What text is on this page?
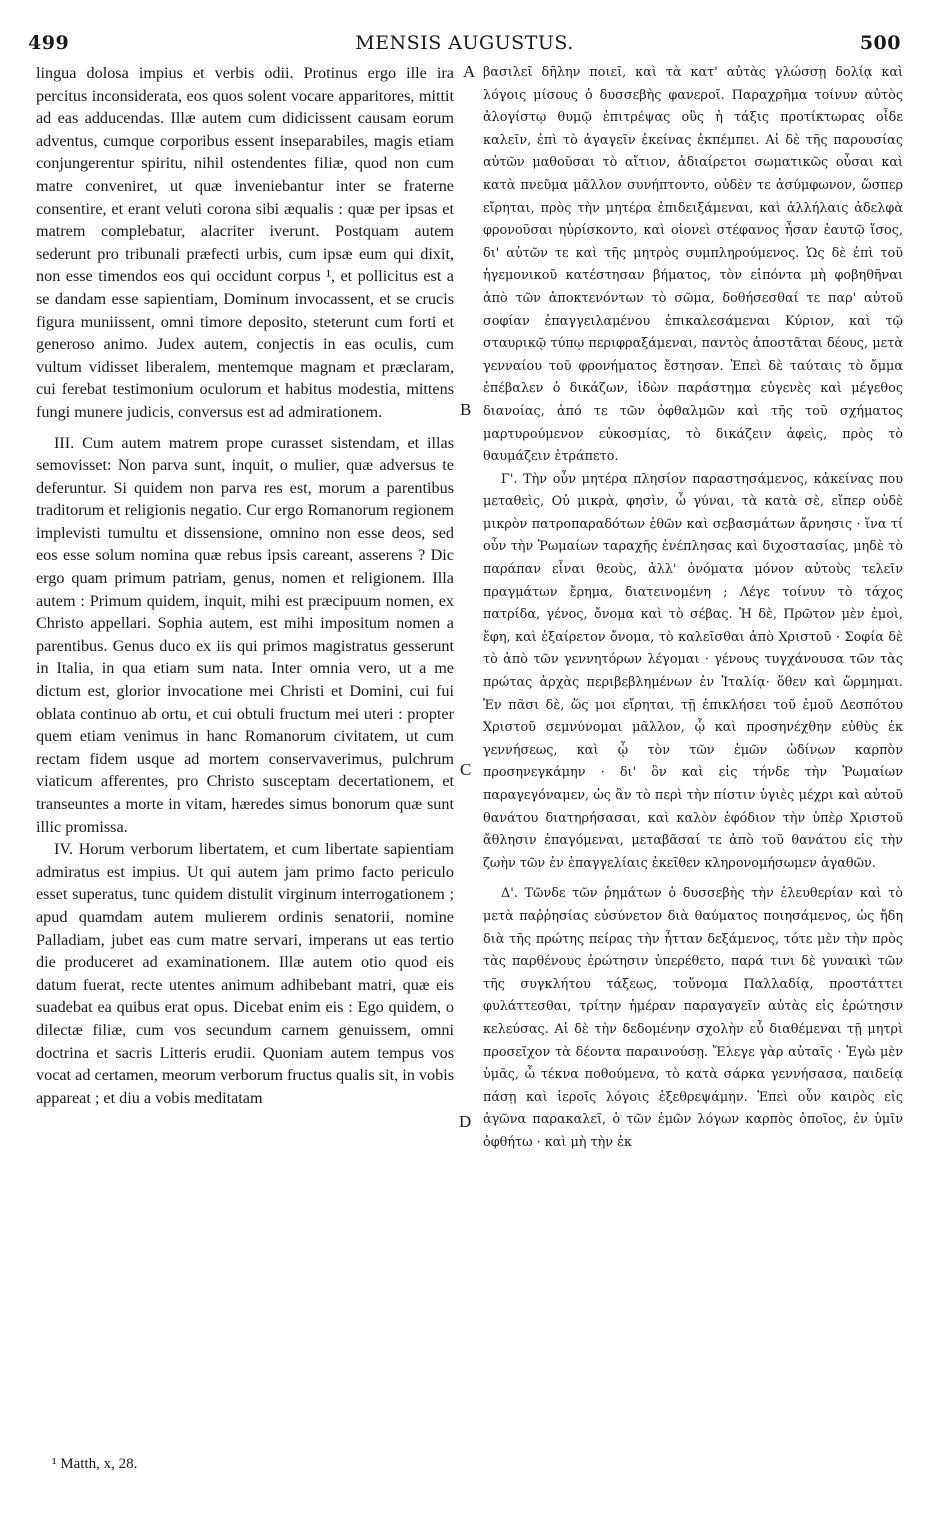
499	MENSIS AUGUSTUS.	500

lingua dolosa impius et verbis odii. Protinus ergo ille ira percitus inconsiderata, eos quos solent vocare apparitores, mittit ad eas adducendas. Illæ autem cum didicissent causam eorum adventus, cumque corporibus essent inseparabiles, magis etiam conjungerentur spiritu, nihil ostendentes filiæ, quod non cum matre conveniret, ut quæ inveniebantur inter se fraterne consentire, et erant veluti corona sibi æqualis : quæ per ipsas et matrem complebatur, alacriter iverunt. Postquam autem sederunt pro tribunali præfecti urbis, cum ipsæ eum qui dixit, non esse timendos eos qui occidunt corpus ¹, et pollicitus est a se dandam esse sapientiam, Dominum invocassent, et se crucis figura muniissent, omni timore deposito, steterunt cum forti et generoso animo. Judex autem, conjectis in eas oculis, cum vultum vidisset liberalem, mentemque magnam et præclaram, cui ferebat testimonium oculorum et habitus modestia, mittens fungi munere judicis, conversus est ad admirationem.

III. Cum autem matrem prope curasset sistendam, et illas semovisset: Non parva sunt, inquit, o mulier, quæ adversus te deferuntur. Si quidem non parva res est, morum a parentibus traditorum et religionis negatio. Cur ergo Romanorum regionem implevisti tumultu et dissensione, omnino non esse deos, sed eos esse solum nomina quæ rebus ipsis careant, asserens ? Dic ergo quam primum patriam, genus, nomen et religionem. Illa autem : Primum quidem, inquit, mihi est præcipuum nomen, ex Christo appellari. Sophia autem, est mihi impositum nomen a parentibus. Genus duco ex iis qui primos magistratus gesserunt in Italia, in qua etiam sum nata. Inter omnia vero, ut a me dictum est, glorior invocatione mei Christi et Domini, cui fui oblata continuo ab ortu, et cui obtuli fructum mei uteri : propter quem etiam venimus in hanc Romanorum civitatem, ut cum rectam fidem usque ad mortem conservaverimus, pulchrum viaticum afferentes, pro Christo susceptam decertationem, et transeuntes a morte in vitam, hæredes simus bonorum quæ sunt illic promissa.

IV. Horum verborum libertatem, et cum libertate sapientiam admiratus est impius. Ut qui autem jam primo facto periculo esset superatus, tunc quidem distulit virginum interrogationem ; apud quamdam autem mulierem ordinis senatorii, nomine Palladiam, jubet eas cum matre servari, imperans ut eas tertio die produceret ad examinationem. Illæ autem otio quod eis datum fuerat, recte utentes animum adhibebant matri, quæ eis suadebat ea quibus erat opus. Dicebat enim eis : Ego quidem, o dilectæ filiæ, cum vos secundum carnem genuissem, omni doctrina et sacris Litteris erudii. Quoniam autem tempus vos vocat ad certamen, meorum verborum fructus qualis sit, in vobis appareat ; et diu a vobis meditatam

A
B
C
D

βασιλεῖ δῆλην ποιεῖ, καὶ τὰ κατ' αὐτὰς γλώσσῃ δολίᾳ καὶ λόγοις μίσους ὁ δυσσεβὴς φανεροῖ. Παραχρῆμα τοίνυν αὐτὸς ἀλογίστῳ θυμῷ ἐπιτρέψας οὓς ἡ τάξις προτίκτωρας οἶδε καλεῖν, ἐπὶ τὸ ἀγαγεῖν ἐκείνας ἐκπέμπει. Αἱ δὲ τῆς παρουσίας αὐτῶν μαθοῦσαι τὸ αἴτιον, ἀδιαίρετοι σωματικῶς οὖσαι καὶ κατὰ πνεῦμα μᾶλλον συνήπτοντο, οὐδὲν τε ἀσύμφωνον, ὥσπερ εἴρηται, πρὸς τὴν μητέρα ἐπιδειξάμεναι, καὶ ἀλλήλαις ἀδελφὰ φρονοῦσαι ηὑρίσκοντο, καὶ οἱονεὶ στέφανος ἦσαν ἑαυτῷ ἴσος, δι' αὐτῶν τε καὶ τῆς μητρὸς συμπληρούμενος. Ὡς δὲ ἐπὶ τοῦ ἡγεμονικοῦ κατέστησαν βήματος, τὸν εἰπόντα μὴ φοβηθῆναι ἀπὸ τῶν ἀποκτενόντων τὸ σῶμα, δοθήσεσθαί τε παρ' αὐτοῦ σοφίαν ἐπαγγειλαμένου ἐπικαλεσάμεναι Κύριον, καὶ τῷ σταυρικῷ τύπῳ περιφραξάμεναι, παντὸς ἀποστᾶται δέους, μετὰ γενναίου τοῦ φρονήματος ἔστησαν. Ἐπεὶ δὲ ταύταις τὸ ὄμμα ἐπέβαλεν ὁ δικάζων, ἰδὼν παράστημα εὐγενὲς καὶ μέγεθος διανοίας, ἀπό τε τῶν ὀφθαλμῶν καὶ τῆς τοῦ σχήματος μαρτυρούμενον εὐκοσμίας, τὸ δικάζειν ἀφεὶς, πρὸς τὸ θαυμάζειν ἐτράπετο.

Γ'. Τὴν οὖν μητέρα πλησίον παραστησάμενος, κἀκείνας που μεταθεὶς, Οὐ μικρὰ, φησὶν, ὦ γύναι, τὰ κατὰ σὲ, εἴπερ οὐδὲ μικρὸν πατροπαραδότων ἐθῶν καὶ σεβασμάτων ἄρνησις · ἵνα τί οὖν τὴν Ῥωμαίων ταραχῆς ἐνέπλησας καὶ διχοστασίας, μηδὲ τὸ παράπαν εἶναι θεοὺς, ἀλλ' ὀνόματα μόνον αὐτοὺς τελεῖν πραγμάτων ἔρημα, διατεινομένη ; Λέγε τοίνυν τὸ τάχος πατρίδα, γένος, ὄνομα καὶ τὸ σέβας. Ἡ δὲ, Πρῶτον μὲν ἐμοὶ, ἔφη, καὶ ἐξαίρετον ὄνομα, τὸ καλεῖσθαι ἀπὸ Χριστοῦ · Σοφία δὲ τὸ ἀπὸ τῶν γεννητόρων λέγομαι · γένους τυγχάνουσα τῶν τὰς πρώτας ἀρχὰς περιβεβλημένων ἐν Ἰταλίᾳ· ὅθεν καὶ ὥρμημαι. Ἐν πᾶσι δὲ, ὥς μοι εἴρηται, τῇ ἐπικλήσει τοῦ ἐμοῦ Δεσπότου Χριστοῦ σεμνύνομαι μᾶλλον, ᾧ καὶ προσηνέχθην εὐθὺς ἐκ γεννήσεως, καὶ ᾧ τὸν τῶν ἐμῶν ὠδίνων καρπὸν προσηνεγκάμην · δι' ὃν καὶ εἰς τήνδε τὴν Ῥωμαίων παραγεγόναμεν, ὡς ἂν τὸ περὶ τὴν πίστιν ὑγιὲς μέχρι καὶ αὐτοῦ θανάτου διατηρήσασαι, καὶ καλὸν ἐφόδιον τὴν ὑπὲρ Χριστοῦ ἄθλησιν ἐπαγόμεναι, μεταβᾶσαί τε ἀπὸ τοῦ θανάτου εἰς τὴν ζωὴν τῶν ἐν ἐπαγγελίαις ἐκεῖθεν κληρονομήσωμεν ἀγαθῶν.

Δ'. Τῶνδε τῶν ῥημάτων ὁ δυσσεβὴς τὴν ἐλευθερίαν καὶ τὸ μετὰ παῤῥησίας εὐσύνετον διὰ θαύματος ποιησάμενος, ὡς ἤδη διὰ τῆς πρώτης πείρας τὴν ἧτταν δεξάμενος, τότε μὲν τὴν πρὸς τὰς παρθένους ἐρώτησιν ὑπερέθετο, παρά τινι δὲ γυναικὶ τῶν τῆς συγκλήτου τάξεως, τοὔνομα Παλλαδίᾳ, προστάττει φυλάττεσθαι, τρίτην ἡμέραν παραγαγεῖν αὐτὰς εἰς ἐρώτησιν κελεύσας. Αἱ δὲ τὴν δεδομένην σχολὴν εὖ διαθέμεναι τῇ μητρὶ προσεῖχον τὰ δέοντα παραινούσῃ. Ἔλεγε γὰρ αὐταῖς · Ἐγὼ μὲν ὑμᾶς, ὦ τέκνα ποθούμενα, τὸ κατὰ σάρκα γεννήσασα, παιδείᾳ πάσῃ καὶ ἱεροῖς λόγοις ἐξεθρεψάμην. Ἐπεὶ οὖν καιρὸς εἰς ἀγῶνα παρακαλεῖ, ὁ τῶν ἐμῶν λόγων καρπὸς ὁποῖος, ἐν ὑμῖν ὀφθήτω · καὶ μὴ τὴν ἐκ

¹ Matth, x, 28.
